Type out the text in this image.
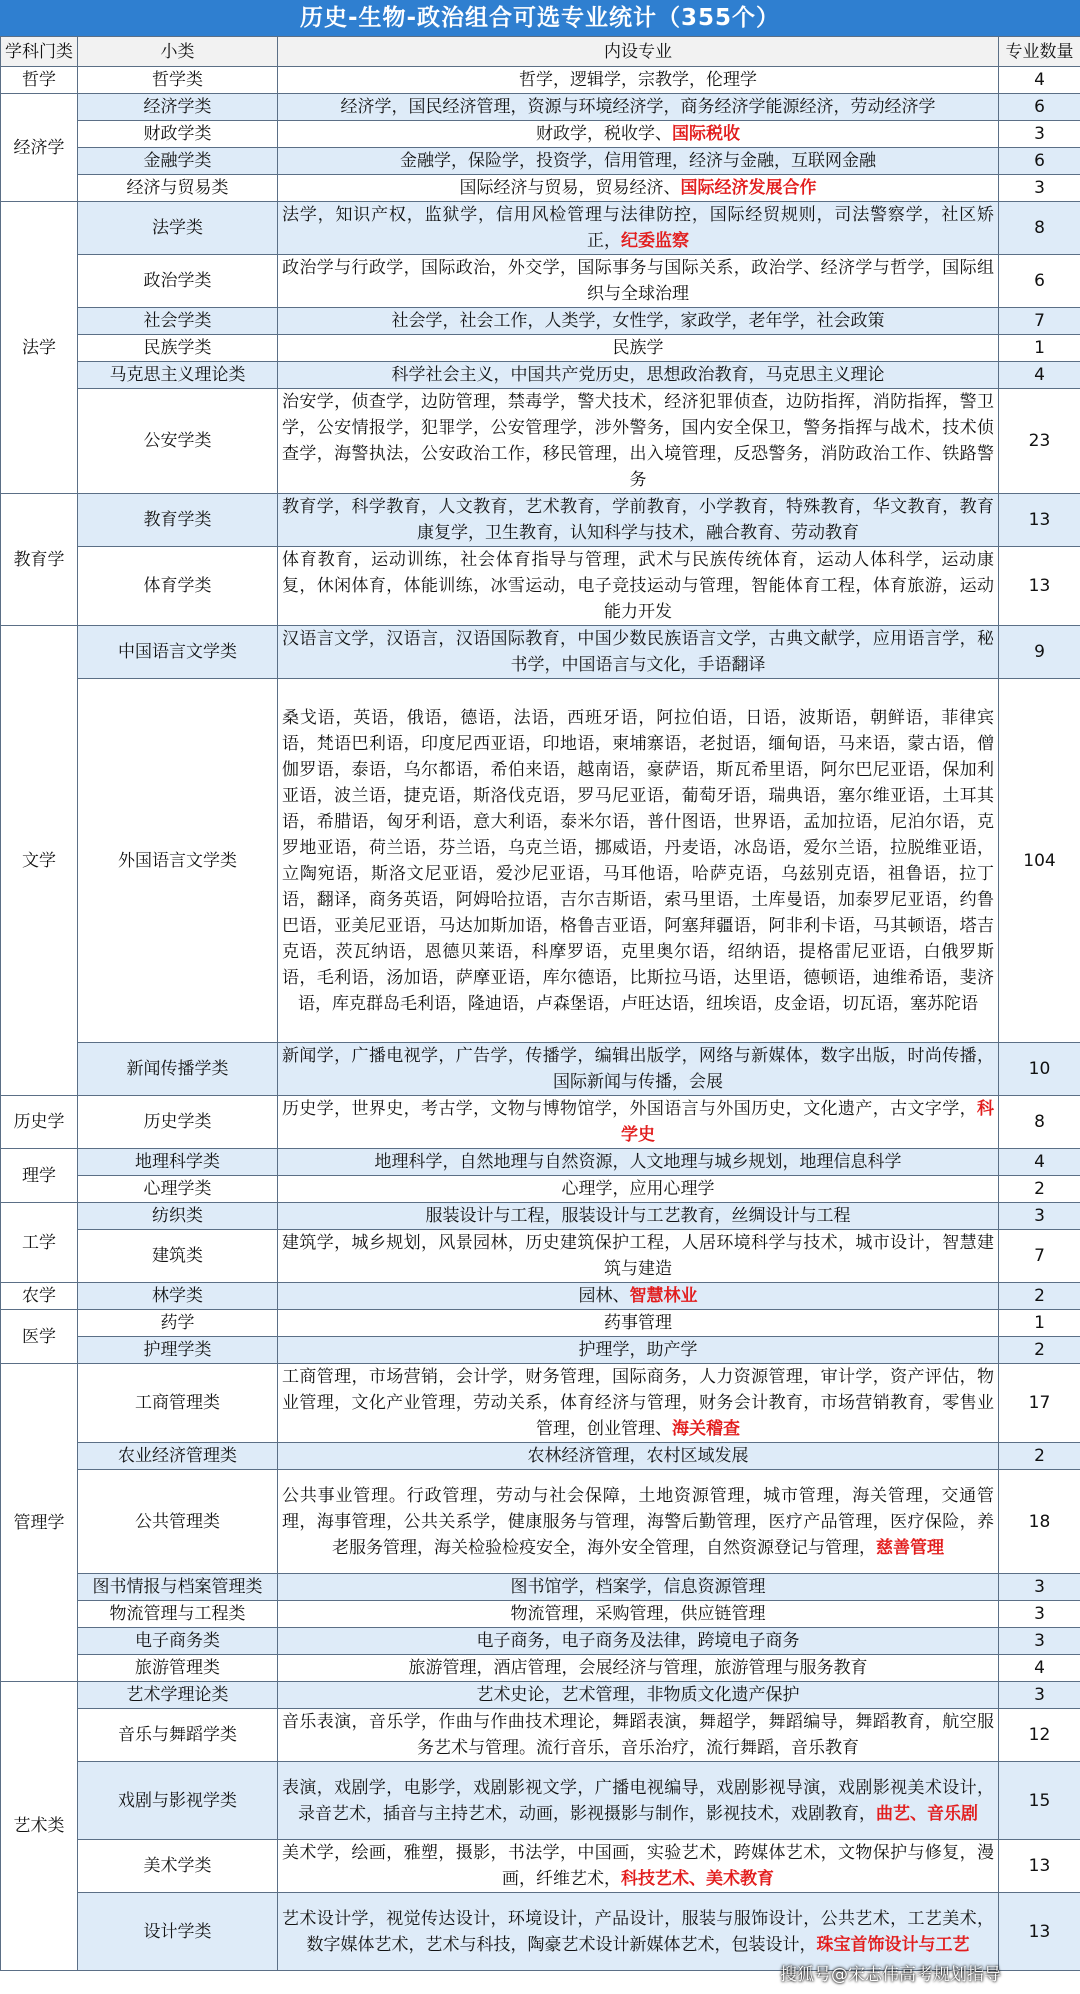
历史-生物-政治组合可选专业统计（355个）
学科门类	小类	内设专业	专业数量
哲学	哲学类	哲学，逻辑学，宗教学，伦理学	4
经济学	经济学类	经济学，国民经济管理，资源与环境经济学，商务经济学能源经济，劳动经济学	6
	财政学类	财政学，税收学、国际税收	3
	金融学类	金融学，保险学，投资学，信用管理，经济与金融，互联网金融	6
	经济与贸易类	国际经济与贸易，贸易经济、国际经济发展合作	3
法学	法学类	法学，知识产权，监狱学，信用风检管理与法律防控，国际经贸规则，司法警察学，社区矫正，纪委监察	8
	政治学类	政治学与行政学，国际政治，外交学，国际事务与国际关系，政治学、经济学与哲学，国际组织与全球治理	6
	社会学类	社会学，社会工作，人类学，女性学，家政学，老年学，社会政策	7
	民族学类	民族学	1
	马克思主义理论类	科学社会主义，中国共产党历史，思想政治教育，马克思主义理论	4
	公安学类	治安学，侦查学，边防管理，禁毒学，警犬技术，经济犯罪侦查，边防指挥，消防指挥，警卫学，公安情报学，犯罪学，公安管理学，涉外警务，国内安全保卫，警务指挥与战术，技术侦查学，海警执法，公安政治工作，移民管理，出入境管理，反恐警务，消防政治工作、铁路警务	23
教育学	教育学类	教育学，科学教育，人文教育，艺术教育，学前教育，小学教育，特殊教育，华文教育，教育康复学，卫生教育，认知科学与技术，融合教育、劳动教育	13
	体育学类	体育教育，运动训练，社会体育指导与管理，武术与民族传统体育，运动人体科学，运动康复，休闲体育，体能训练，冰雪运动，电子竞技运动与管理，智能体育工程，体育旅游，运动能力开发	13
文学	中国语言文学类	汉语言文学，汉语言，汉语国际教育，中国少数民族语言文学，古典文献学，应用语言学，秘书学，中国语言与文化，手语翻译	9
	外国语言文学类	桑戈语，英语，俄语，德语，法语，西班牙语，阿拉伯语，日语，波斯语，朝鲜语，菲律宾语，梵语巴利语，印度尼西亚语，印地语，柬埔寨语，老挝语，缅甸语，马来语，蒙古语，僧伽罗语，泰语，乌尔都语，希伯来语，越南语，豪萨语，斯瓦希里语，阿尔巴尼亚语，保加利亚语，波兰语，捷克语，斯洛伐克语，罗马尼亚语，葡萄牙语，瑞典语，塞尔维亚语，土耳其语，希腊语，匈牙利语，意大利语，泰米尔语，普什图语，世界语，孟加拉语，尼泊尔语，克罗地亚语，荷兰语，芬兰语，乌克兰语，挪威语，丹麦语，冰岛语，爱尔兰语，拉脱维亚语，立陶宛语，斯洛文尼亚语，爱沙尼亚语，马耳他语，哈萨克语，乌兹别克语，祖鲁语，拉丁语，翻译，商务英语，阿姆哈拉语，吉尔吉斯语，索马里语，土库曼语，加泰罗尼亚语，约鲁巴语，亚美尼亚语，马达加斯加语，格鲁吉亚语，阿塞拜疆语，阿非利卡语，马其顿语，塔吉克语，茨瓦纳语，恩德贝莱语，科摩罗语，克里奥尔语，绍纳语，提格雷尼亚语，白俄罗斯语，毛利语，汤加语，萨摩亚语，库尔德语，比斯拉马语，达里语，德顿语，迪维希语，斐济语，库克群岛毛利语，隆迪语，卢森堡语，卢旺达语，纽埃语，皮金语，切瓦语，塞苏陀语	104
	新闻传播学类	新闻学，广播电视学，广告学，传播学，编辑出版学，网络与新媒体，数字出版，时尚传播，国际新闻与传播，会展	10
历史学	历史学类	历史学，世界史，考古学，文物与博物馆学，外国语言与外国历史，文化遗产，古文字学，科学史	8
理学	地理科学类	地理科学，自然地理与自然资源，人文地理与城乡规划，地理信息科学	4
	心理学类	心理学，应用心理学	2
工学	纺织类	服装设计与工程，服装设计与工艺教育，丝绸设计与工程	3
	建筑类	建筑学，城乡规划，风景园林，历史建筑保护工程，人居环境科学与技术，城市设计，智慧建筑与建造	7
农学	林学类	园林、智慧林业	2
医学	药学	药事管理	1
	护理学类	护理学，助产学	2
管理学	工商管理类	工商管理，市场营销，会计学，财务管理，国际商务，人力资源管理，审计学，资产评估，物业管理，文化产业管理，劳动关系，体育经济与管理，财务会计教育，市场营销教育，零售业管理，创业管理、海关稽查	17
	农业经济管理类	农林经济管理，农村区域发展	2
	公共管理类	公共事业管理。行政管理，劳动与社会保障，土地资源管理，城市管理，海关管理，交通管理，海事管理，公共关系学，健康服务与管理，海警后勤管理，医疗产品管理，医疗保险，养老服务管理，海关检验检疫安全，海外安全管理，自然资源登记与管理，慈善管理	18
	图书情报与档案管理类	图书馆学，档案学，信息资源管理	3
	物流管理与工程类	物流管理，采购管理，供应链管理	3
	电子商务类	电子商务，电子商务及法律，跨境电子商务	3
	旅游管理类	旅游管理，酒店管理，会展经济与管理，旅游管理与服务教育	4
艺术类	艺术学理论类	艺术史论，艺术管理，非物质文化遗产保护	3
	音乐与舞蹈学类	音乐表演，音乐学，作曲与作曲技术理论，舞蹈表演，舞超学，舞蹈编导，舞蹈教育，航空服务艺术与管理。流行音乐，音乐治疗，流行舞蹈，音乐教育	12
	戏剧与影视学类	表演，戏剧学，电影学，戏剧影视文学，广播电视编导，戏剧影视导演，戏剧影视美术设计，录音艺术，插音与主持艺术，动画，影视摄影与制作，影视技术，戏剧教育，曲艺、音乐剧	15
	美术学类	美术学，绘画，雅塑，摄影，书法学，中国画，实验艺术，跨媒体艺术，文物保护与修复，漫画，纤维艺术，科技艺术、美术教育	13
	设计学类	艺术设计学，视觉传达设计，环境设计，产品设计，服装与服饰设计，公共艺术，工艺美术，数字媒体艺术，艺术与科技，陶豪艺术设计新媒体艺术，包装设计，珠宝首饰设计与工艺	13
搜狐号@宋志伟高考规划指导
